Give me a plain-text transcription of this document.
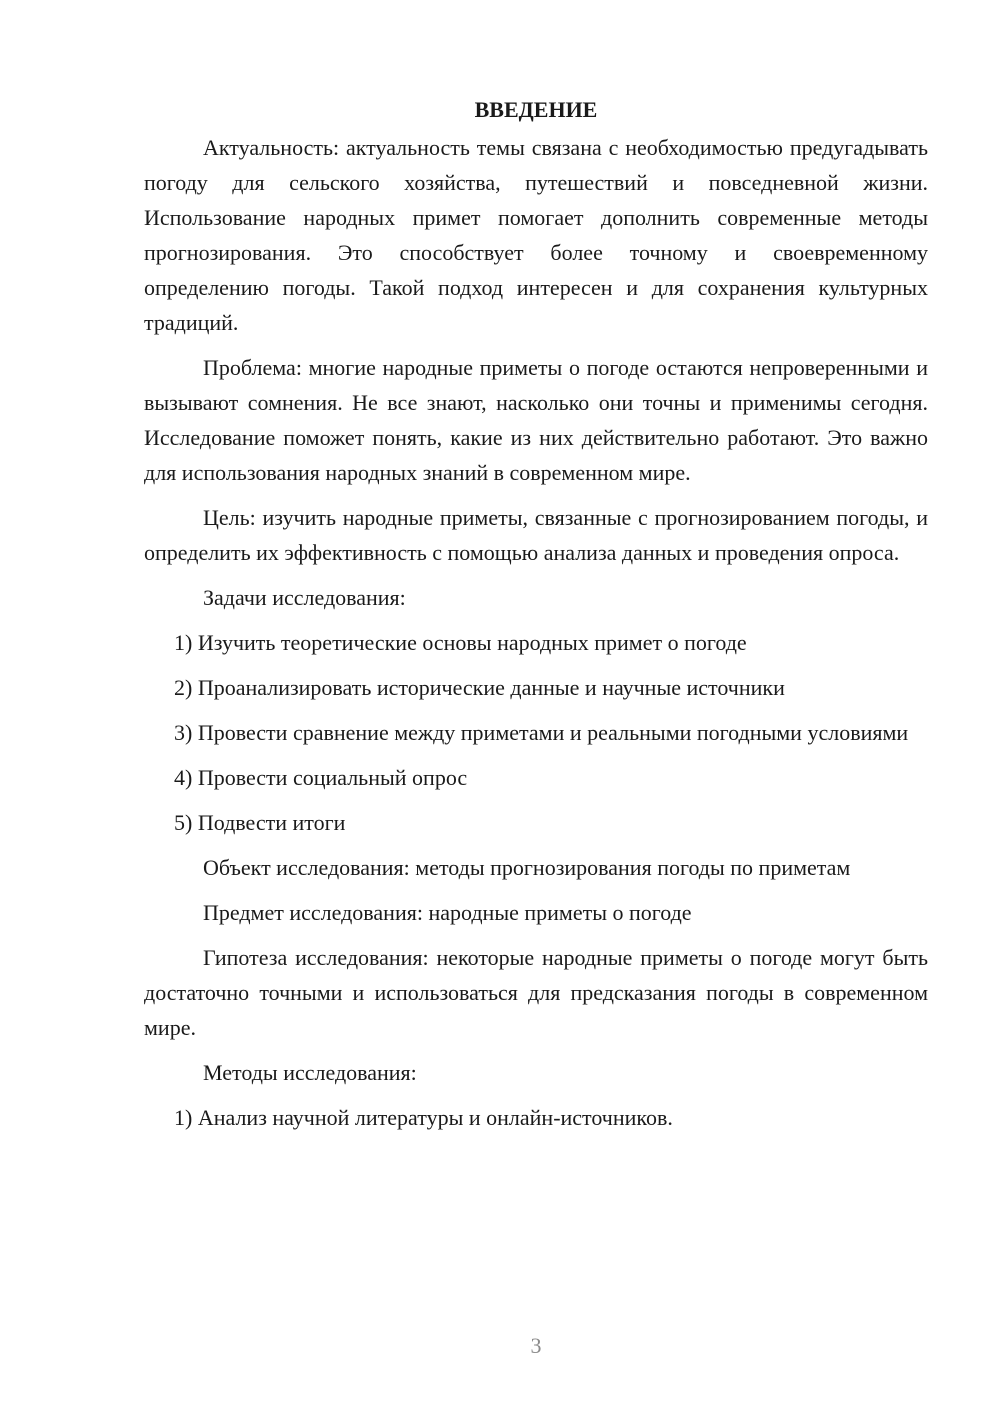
ВВЕДЕНИЕ

Актуальность: актуальность темы связана с необходимостью предугадывать погоду для сельского хозяйства, путешествий и повседневной жизни. Использование народных примет помогает дополнить современные методы прогнозирования. Это способствует более точному и своевременному определению погоды. Такой подход интересен и для сохранения культурных традиций.

Проблема: многие народные приметы о погоде остаются непроверенными и вызывают сомнения. Не все знают, насколько они точны и применимы сегодня. Исследование поможет понять, какие из них действительно работают. Это важно для использования народных знаний в современном мире.

Цель: изучить народные приметы, связанные с прогнозированием погоды, и определить их эффективность с помощью анализа данных и проведения опроса.

Задачи исследования:

1) Изучить теоретические основы народных примет о погоде

2) Проанализировать исторические данные и научные источники

3) Провести сравнение между приметами и реальными погодными условиями

4) Провести социальный опрос

5) Подвести итоги

Объект исследования: методы прогнозирования погоды по приметам

Предмет исследования: народные приметы о погоде

Гипотеза исследования: некоторые народные приметы о погоде могут быть достаточно точными и использоваться для предсказания погоды в современном мире.

Методы исследования:

1) Анализ научной литературы и онлайн-источников.

3
